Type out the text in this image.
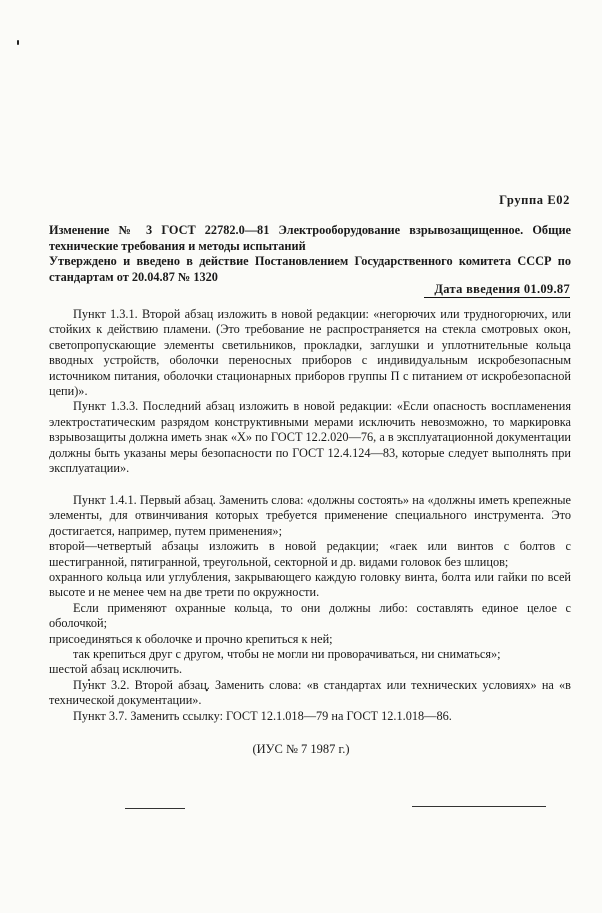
Группа Е02
Изменение № 3 ГОСТ 22782.0—81 Электрооборудование взрывозащищенное. Общие технические требования и методы испытаний
Утверждено и введено в действие Постановлением Государственного комитета СССР по стандартам от 20.04.87 № 1320
Дата введения 01.09.87

Пункт 1.3.1. Второй абзац изложить в новой редакции: «негорючих или трудногорючих, или стойких к действию пламени. (Это требование не распространяется на стекла смотровых окон, светопропускающие элементы светильников, прокладки, заглушки и уплотнительные кольца вводных устройств, оболочки переносных приборов с индивидуальным искробезопасным источником питания, оболочки стационарных приборов группы П с питанием от искробезопасной цепи)».

Пункт 1.3.3. Последний абзац изложить в новой редакции: «Если опасность воспламенения электростатическим разрядом конструктивными мерами исключить невозможно, то маркировка взрывозащиты должна иметь знак «Х» по ГОСТ 12.2.020—76, а в эксплуатационной документации должны быть указаны меры безопасности по ГОСТ 12.4.124—83, которые следует выполнять при эксплуатации».

Пункт 1.4.1. Первый абзац. Заменить слова: «должны состоять» на «должны иметь крепежные элементы, для отвинчивания которых требуется применение специального инструмента. Это достигается, например, путем применения»;

второй—четвертый абзацы изложить в новой редакции; «гаек или винтов с болтов с шестигранной, пятигранной, треугольной, секторной и др. видами головок без шлицов;

охранного кольца или углубления, закрывающего каждую головку винта, болта или гайки по всей высоте и не менее чем на две трети по окружности.

Если применяют охранные кольца, то они должны либо: составлять единое целое с оболочкой;

присоединяться к оболочке и прочно крепиться к ней;

так крепиться друг с другом, чтобы не могли ни проворачиваться, ни сниматься»;

шестой абзац исключить.

Пункт 3.2. Второй абзац. Заменить слова: «в стандартах или технических условиях» на «в технической документации».

Пункт 3.7. Заменить ссылку: ГОСТ 12.1.018—79 на ГОСТ 12.1.018—86.

(ИУС № 7 1987 г.)
